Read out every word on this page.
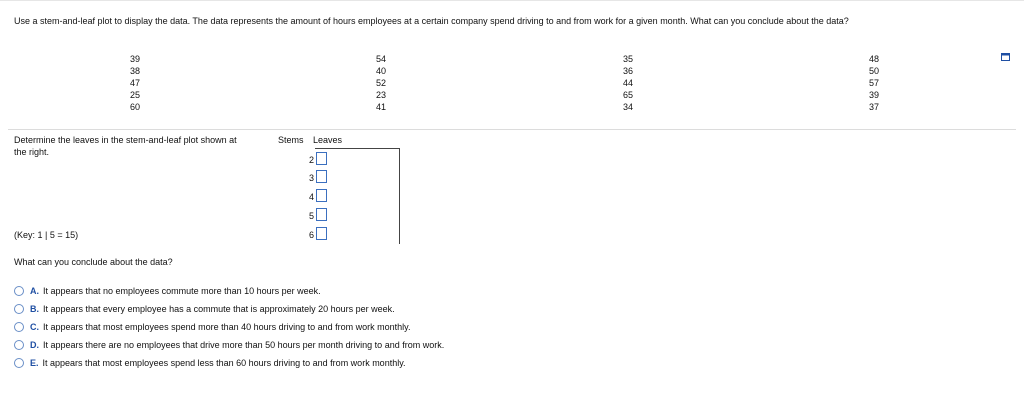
Use a stem-and-leaf plot to display the data. The data represents the amount of hours employees at a certain company spend driving to and from work for a given month. What can you conclude about the data?
39
38
47
25
60
54
40
52
23
41
35
36
44
65
34
48
50
57
39
37
Determine the leaves in the stem-and-leaf plot shown at the right.
(Key: 1 | 5 = 15)
Stems Leaves
2
3
4
5
6
What can you conclude about the data?
A. It appears that no employees commute more than 10 hours per week.
B. It appears that every employee has a commute that is approximately 20 hours per week.
C. It appears that most employees spend more than 40 hours driving to and from work monthly.
D. It appears there are no employees that drive more than 50 hours per month driving to and from work.
E. It appears that most employees spend less than 60 hours driving to and from work monthly.
